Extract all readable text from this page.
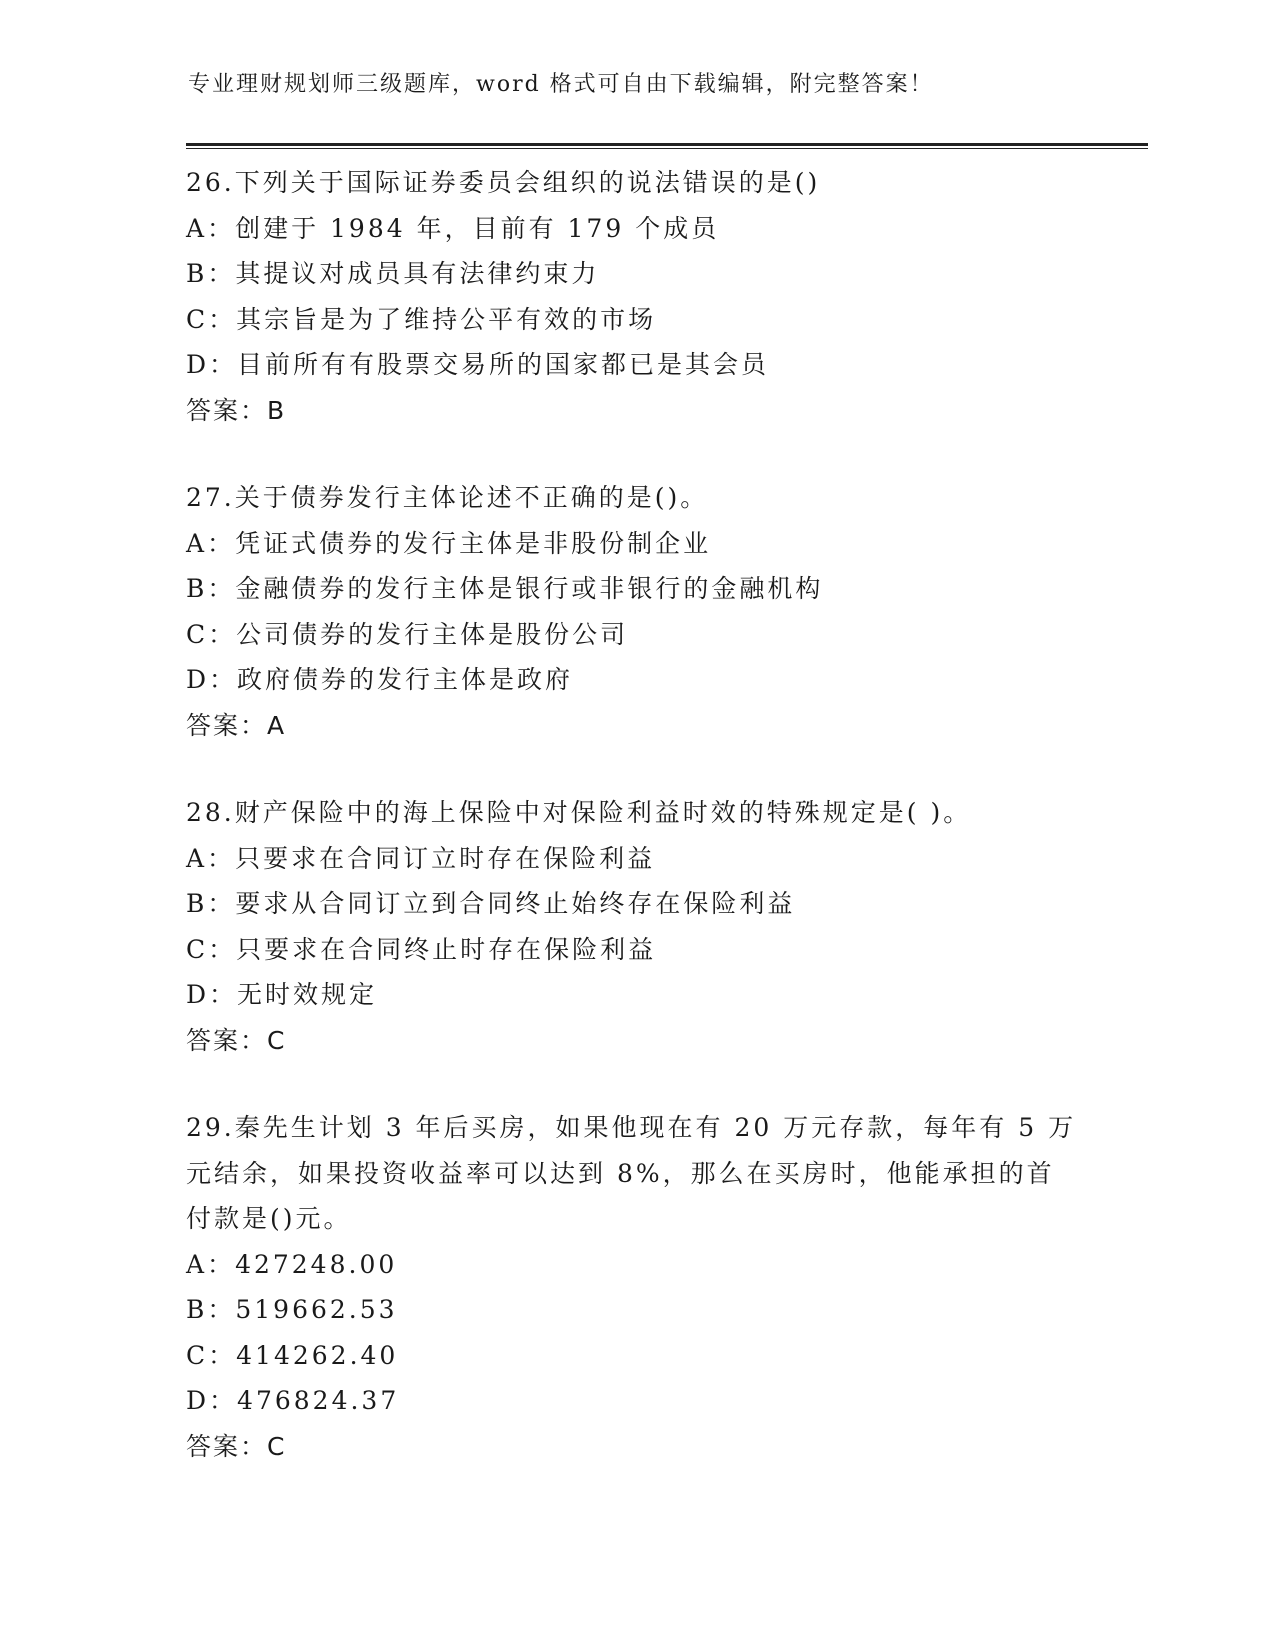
专业理财规划师三级题库，word 格式可自由下载编辑，附完整答案！
26.下列关于国际证券委员会组织的说法错误的是()
A：创建于 1984 年，目前有 179 个成员
B：其提议对成员具有法律约束力
C：其宗旨是为了维持公平有效的市场
D：目前所有有股票交易所的国家都已是其会员
答案：B
27.关于债券发行主体论述不正确的是()。
A：凭证式债券的发行主体是非股份制企业
B：金融债券的发行主体是银行或非银行的金融机构
C：公司债券的发行主体是股份公司
D：政府债券的发行主体是政府
答案：A
28.财产保险中的海上保险中对保险利益时效的特殊规定是( )。
A：只要求在合同订立时存在保险利益
B：要求从合同订立到合同终止始终存在保险利益
C：只要求在合同终止时存在保险利益
D：无时效规定
答案：C
29.秦先生计划 3 年后买房，如果他现在有 20 万元存款，每年有 5 万
元结余，如果投资收益率可以达到 8%，那么在买房时，他能承担的首
付款是()元。
A：427248.00
B：519662.53
C：414262.40
D：476824.37
答案：C
